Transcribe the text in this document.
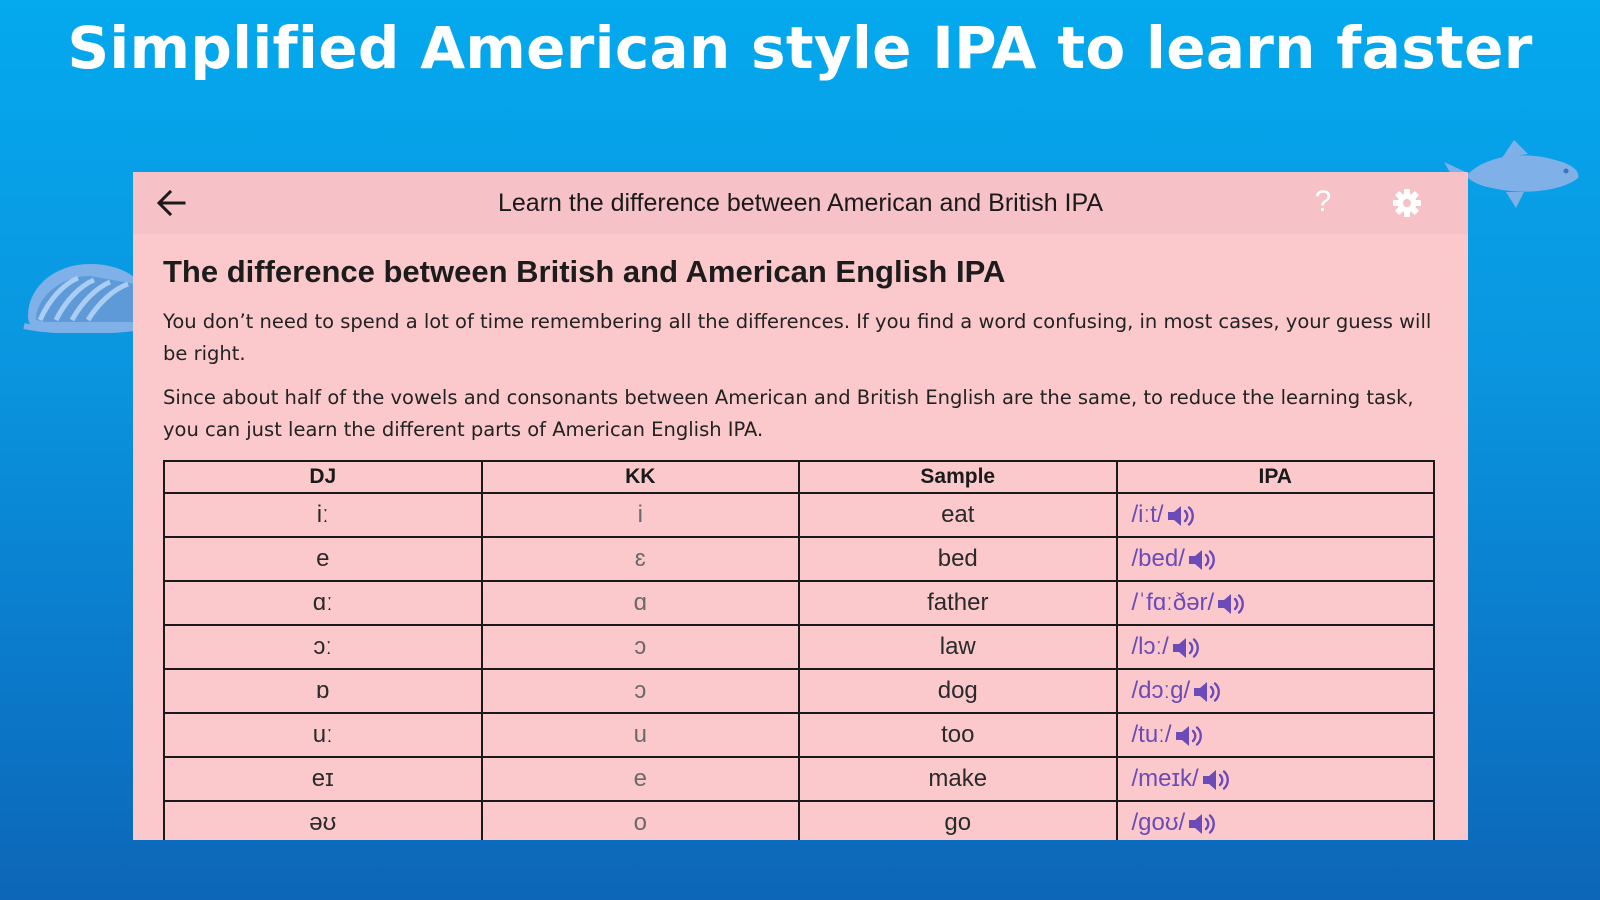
Simplified American style IPA to learn faster
Learn the difference between American and British IPA	?
The difference between British and American English IPA

You don’t need to spend a lot of time remembering all the differences. If you find a word confusing, in most cases, your guess will be right.

Since about half of the vowels and consonants between American and British English are the same, to reduce the learning task, you can just learn the different parts of American English IPA.

DJ	KK	Sample	IPA
iː	i	eat	/iːt/
e	ɛ	bed	/bed/
ɑː	ɑ	father	/ˈfɑːðər/
ɔː	ɔ	law	/lɔː/
ɒ	ɔ	dog	/dɔːg/
uː	u	too	/tuː/
eɪ	e	make	/meɪk/
əʊ	o	go	/goʊ/
